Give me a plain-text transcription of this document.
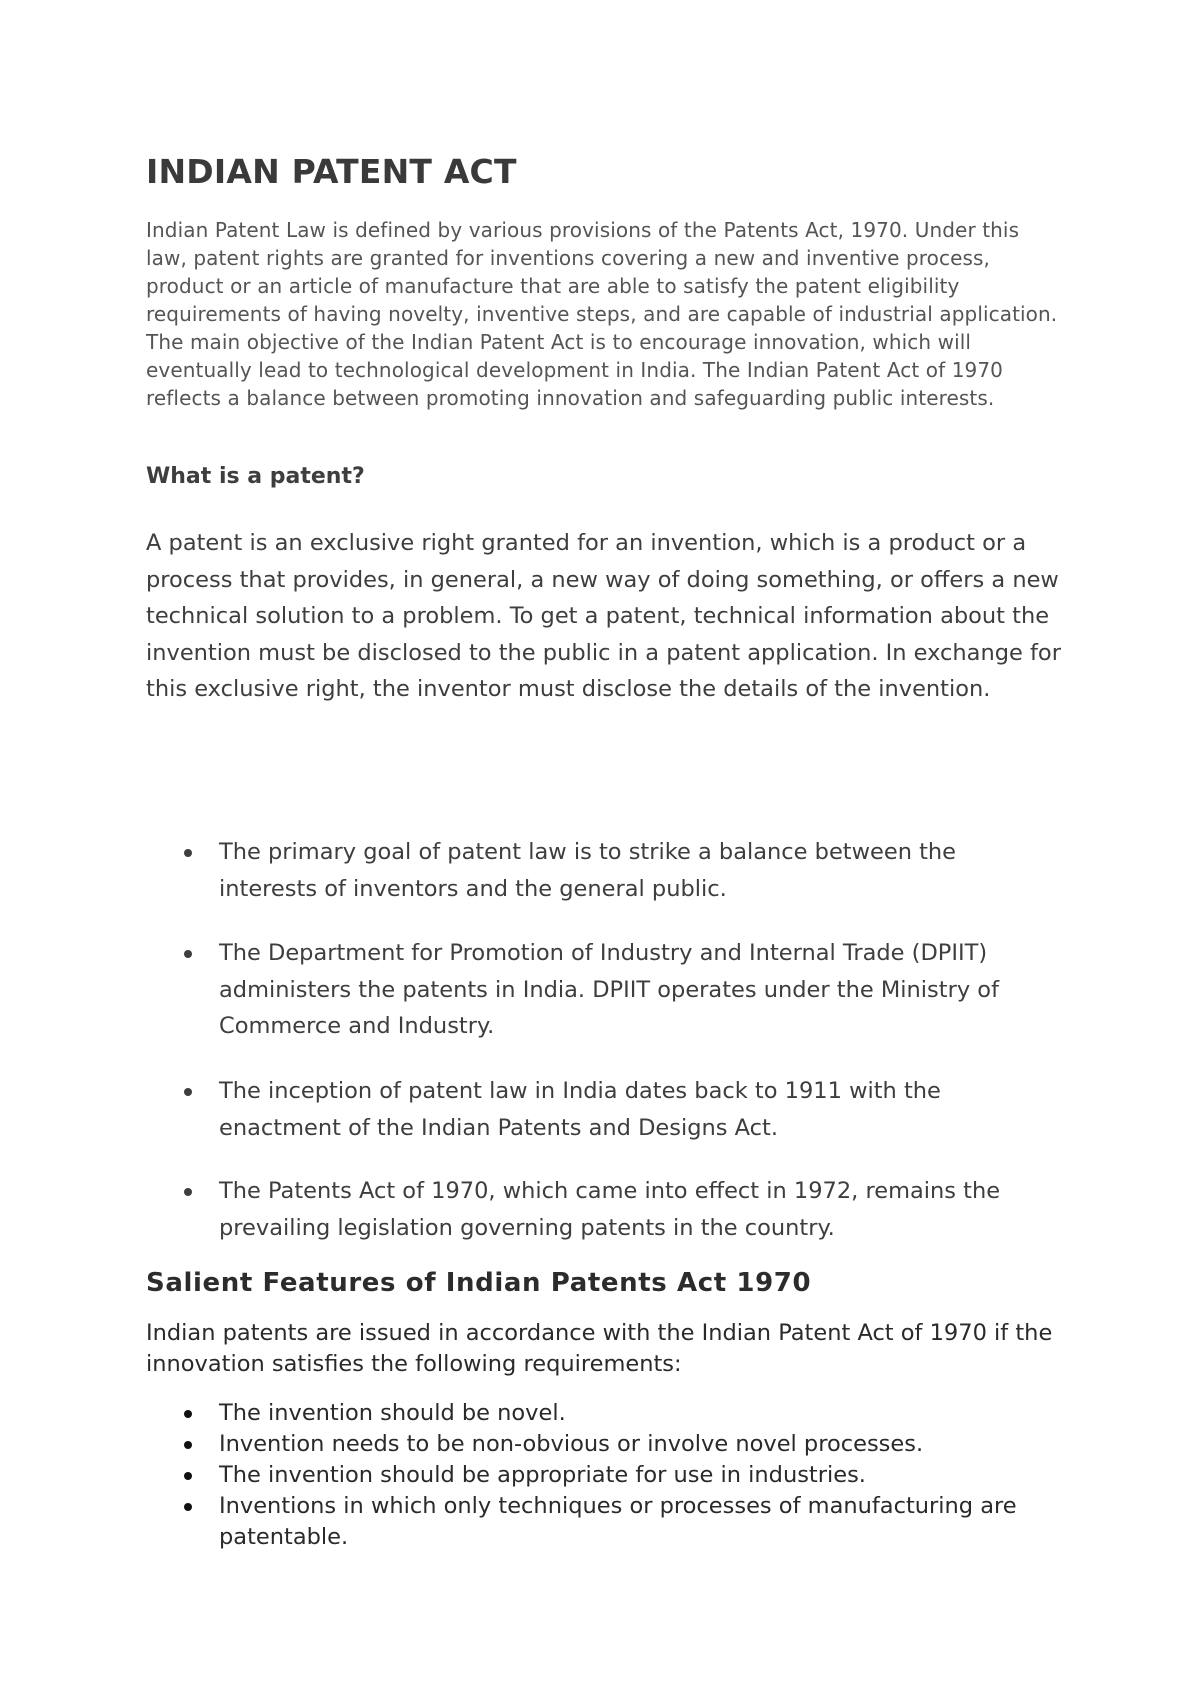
INDIAN PATENT ACT

Indian Patent Law is defined by various provisions of the Patents Act, 1970. Under this law, patent rights are granted for inventions covering a new and inventive process, product or an article of manufacture that are able to satisfy the patent eligibility requirements of having novelty, inventive steps, and are capable of industrial application. The main objective of the Indian Patent Act is to encourage innovation, which will eventually lead to technological development in India. The Indian Patent Act of 1970 reflects a balance between promoting innovation and safeguarding public interests.

What is a patent?

A patent is an exclusive right granted for an invention, which is a product or a process that provides, in general, a new way of doing something, or offers a new technical solution to a problem. To get a patent, technical information about the invention must be disclosed to the public in a patent application. In exchange for this exclusive right, the inventor must disclose the details of the invention.

The primary goal of patent law is to strike a balance between the interests of inventors and the general public.
The Department for Promotion of Industry and Internal Trade (DPIIT) administers the patents in India. DPIIT operates under the Ministry of Commerce and Industry.
The inception of patent law in India dates back to 1911 with the enactment of the Indian Patents and Designs Act.
The Patents Act of 1970, which came into effect in 1972, remains the prevailing legislation governing patents in the country.
Salient Features of Indian Patents Act 1970

Indian patents are issued in accordance with the Indian Patent Act of 1970 if the innovation satisfies the following requirements:

The invention should be novel.
Invention needs to be non-obvious or involve novel processes.
The invention should be appropriate for use in industries.
Inventions in which only techniques or processes of manufacturing are patentable.
